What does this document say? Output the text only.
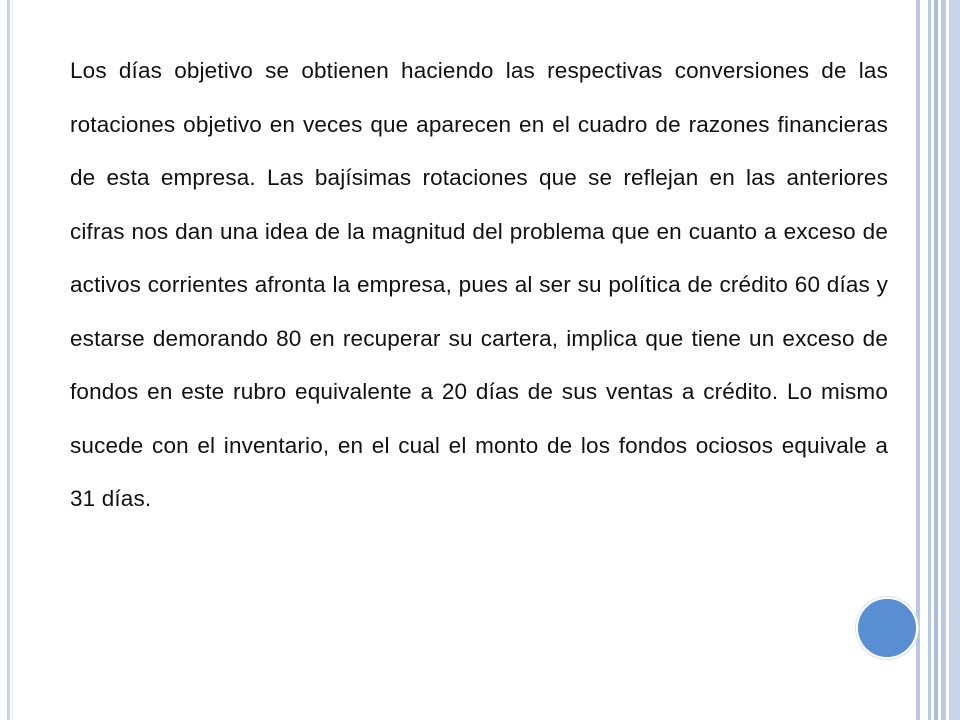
Los días objetivo se obtienen haciendo las respectivas conversiones de las rotaciones objetivo en veces que aparecen en el cuadro de razones financieras de esta empresa. Las bajísimas rotaciones que se reflejan en las anteriores cifras nos dan una idea de la magnitud del problema que en cuanto a exceso de activos corrientes afronta la empresa, pues al ser su política de crédito 60 días y estarse demorando 80 en recuperar su cartera, implica que tiene un exceso de fondos en este rubro equivalente a 20 días de sus ventas a crédito. Lo mismo sucede con el inventario, en el cual el monto de los fondos ociosos equivale a 31 días.
